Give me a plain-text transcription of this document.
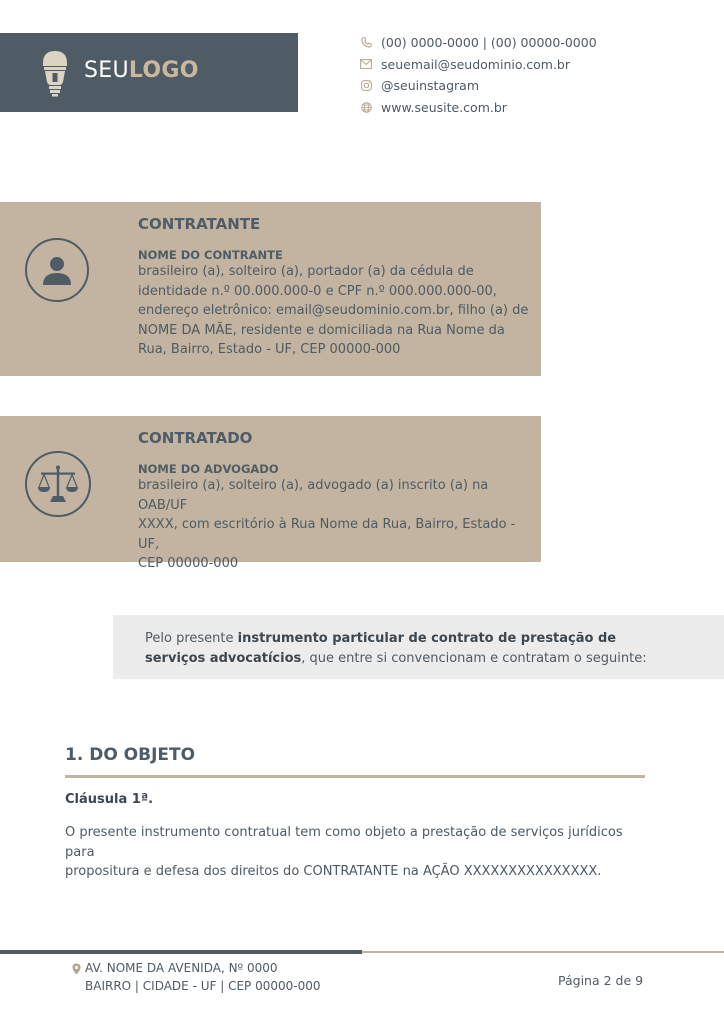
SEULOGO
(00) 0000-0000 | (00) 00000-0000
seuemail@seudominio.com.br
@seuinstagram
www.seusite.com.br
CONTRATANTE
NOME DO CONTRANTE
brasileiro (a), solteiro (a), portador (a) da cédula de
identidade n.º 00.000.000-0 e CPF n.º 000.000.000-00,
endereço eletrônico: email@seudominio.com.br, filho (a) de
NOME DA MÃE, residente e domiciliada na Rua Nome da
Rua, Bairro, Estado - UF, CEP 00000-000
CONTRATADO
NOME DO ADVOGADO
brasileiro (a), solteiro (a), advogado (a) inscrito (a) na OAB/UF
XXXX, com escritório à Rua Nome da Rua, Bairro, Estado - UF,
CEP 00000-000
Pelo presente instrumento particular de contrato de prestação de
serviços advocatícios, que entre si convencionam e contratam o seguinte:
1. DO OBJETO
Cláusula 1ª.
O presente instrumento contratual tem como objeto a prestação de serviços jurídicos para
propositura e defesa dos direitos do CONTRATANTE na AÇÃO XXXXXXXXXXXXXXX.
AV. NOME DA AVENIDA, Nº 0000
BAIRRO | CIDADE - UF | CEP 00000-000	Página 2 de 9
